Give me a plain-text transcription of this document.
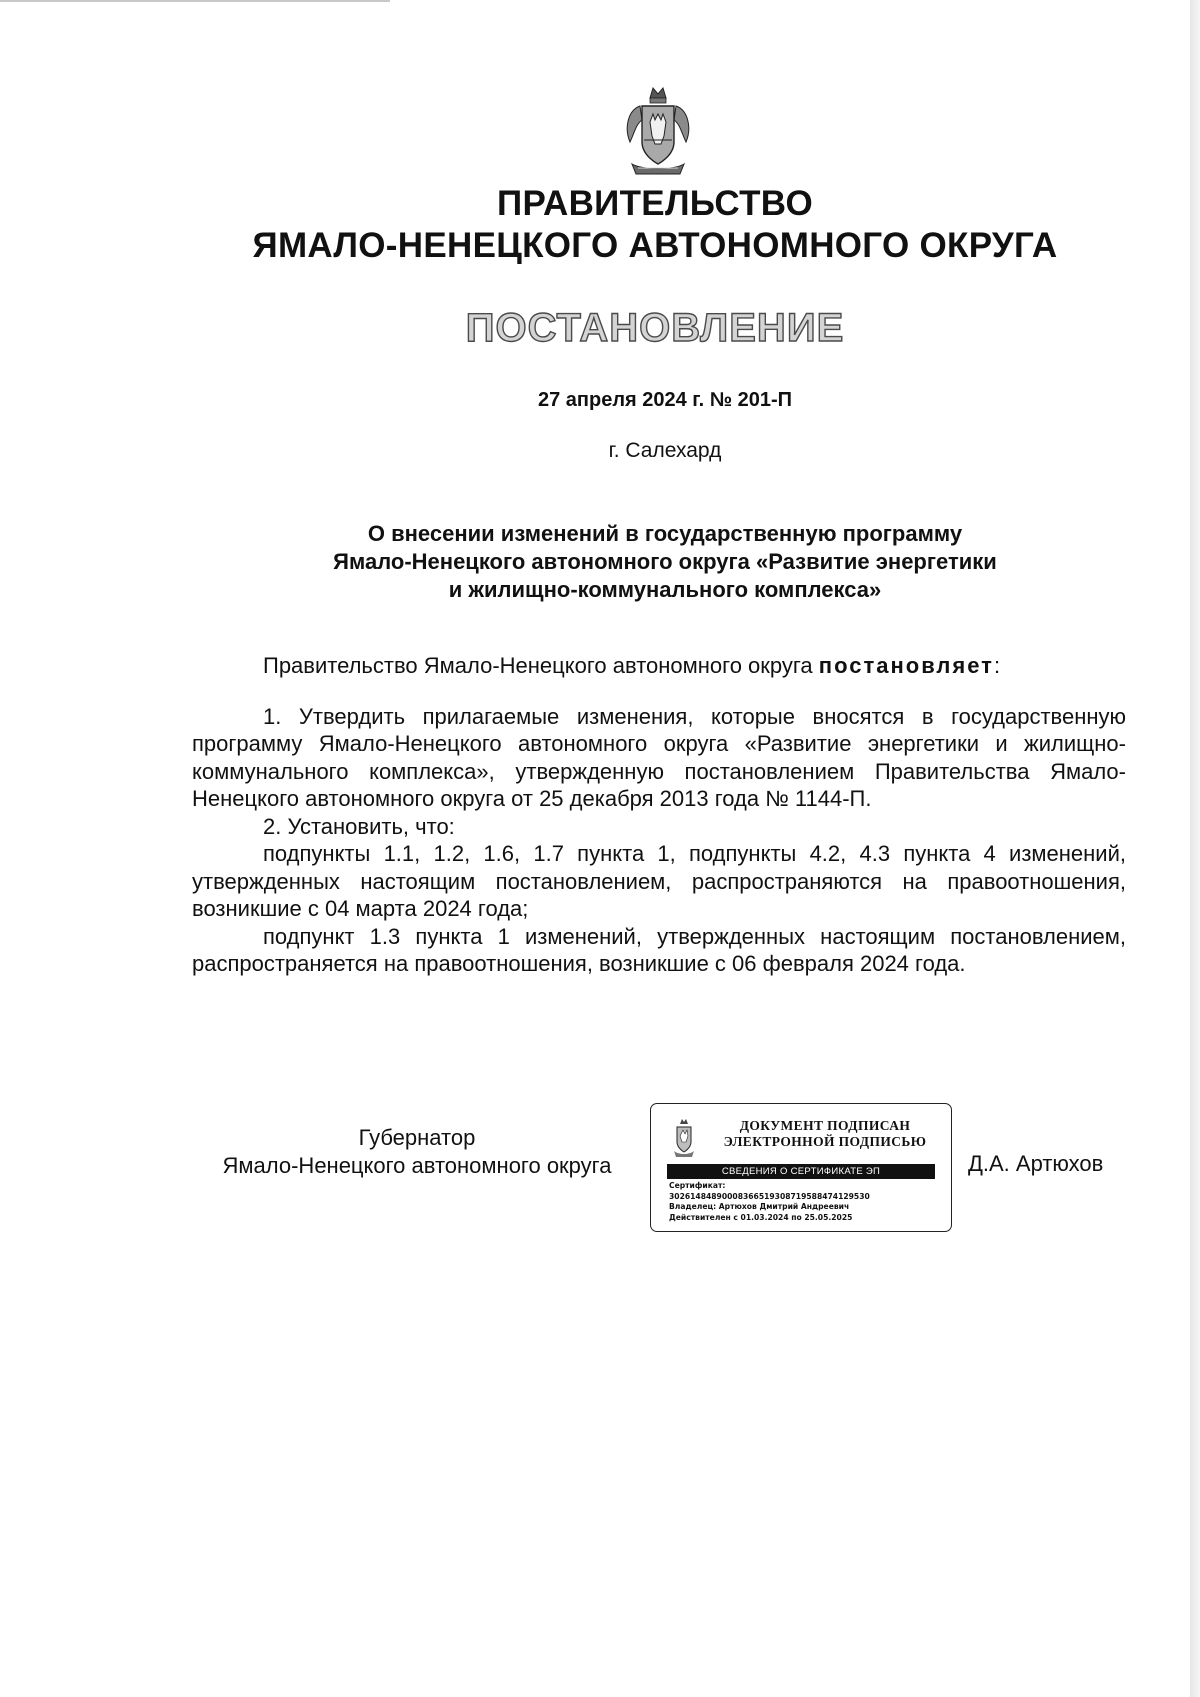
ПРАВИТЕЛЬСТВО
ЯМАЛО-НЕНЕЦКОГО АВТОНОМНОГО ОКРУГА
ПОСТАНОВЛЕНИЕ
27 апреля 2024 г. № 201-П
г. Салехард
О внесении изменений в государственную программу
Ямало-Ненецкого автономного округа «Развитие энергетики
и жилищно-коммунального комплекса»

Правительство Ямало-Ненецкого автономного округа постановляет:

1. Утвердить прилагаемые изменения, которые вносятся в государственную программу Ямало-Ненецкого автономного округа «Развитие энергетики и жилищно-коммунального комплекса», утвержденную постановлением Правительства Ямало-Ненецкого автономного округа от 25 декабря 2013 года № 1144-П.

2. Установить, что:

подпункты 1.1, 1.2, 1.6, 1.7 пункта 1, подпункты 4.2, 4.3 пункта 4 изменений, утвержденных настоящим постановлением, распространяются на правоотношения, возникшие с 04 марта 2024 года;

подпункт 1.3 пункта 1 изменений, утвержденных настоящим постановлением, распространяется на правоотношения, возникшие с 06 февраля 2024 года.

Губернатор
Ямало-Ненецкого автономного округа
ДОКУМЕНТ ПОДПИСАН
ЭЛЕКТРОННОЙ ПОДПИСЬЮ
СВЕДЕНИЯ О СЕРТИФИКАТЕ ЭП
Сертификат:
302614848900083665193087195884741295​30
Владелец: Артюхов Дмитрий Андреевич
Действителен с 01.03.2024 по 25.05.2025
Д.А. Артюхов
